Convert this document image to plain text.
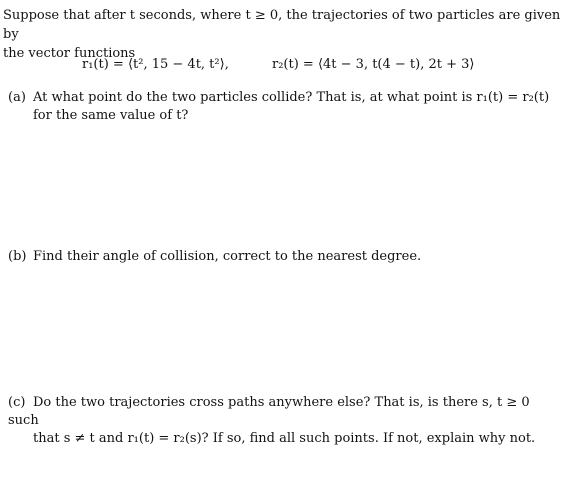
Suppose that after t seconds, where t ≥ 0, the trajectories of two particles are given by
the vector functions
r₁(t) = ⟨t², 15 − 4t, t²⟩,	r₂(t) = ⟨4t − 3, t(4 − t), 2t + 3⟩
(a) At what point do the two particles collide? That is, at what point is r₁(t) = r₂(t)
for the same value of t?
(b) Find their angle of collision, correct to the nearest degree.
(c) Do the two trajectories cross paths anywhere else? That is, is there s, t ≥ 0 such
that s ≠ t and r₁(t) = r₂(s)? If so, find all such points. If not, explain why not.
